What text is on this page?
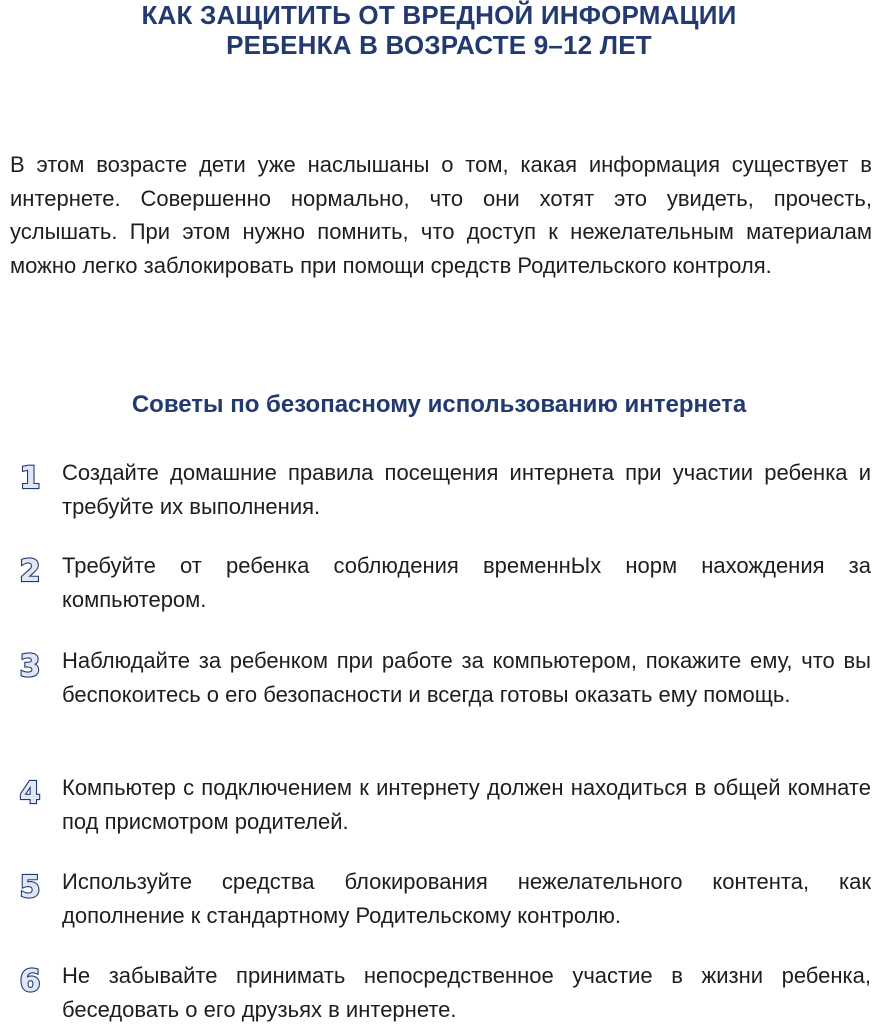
КАК ЗАЩИТИТЬ ОТ ВРЕДНОЙ ИНФОРМАЦИИ
РЕБЕНКА В ВОЗРАСТЕ 9–12 ЛЕТ

В этом возрасте дети уже наслышаны о том, какая информация существует в интернете. Совершенно нормально, что они хотят это увидеть, прочесть, услышать. При этом нужно помнить, что доступ к нежелательным материалам можно легко заблокировать при помощи средств Родительского контроля.

Советы по безопасному использованию интернета
1 Создайте домашние правила посещения интернета при участии ребенка и требуйте их выполнения.

2 Требуйте от ребенка соблюдения временнЫх норм нахождения за компьютером.

3 Наблюдайте за ребенком при работе за компьютером, покажите ему, что вы беспокоитесь о его безопасности и всегда готовы оказать ему помощь.

4 Компьютер с подключением к интернету должен находиться в общей комнате под присмотром родителей.

5 Используйте средства блокирования нежелательного контента, как дополнение к стандартному Родительскому контролю.

6 Не забывайте принимать непосредственное участие в жизни ребенка, беседовать о его друзьях в интернете.
